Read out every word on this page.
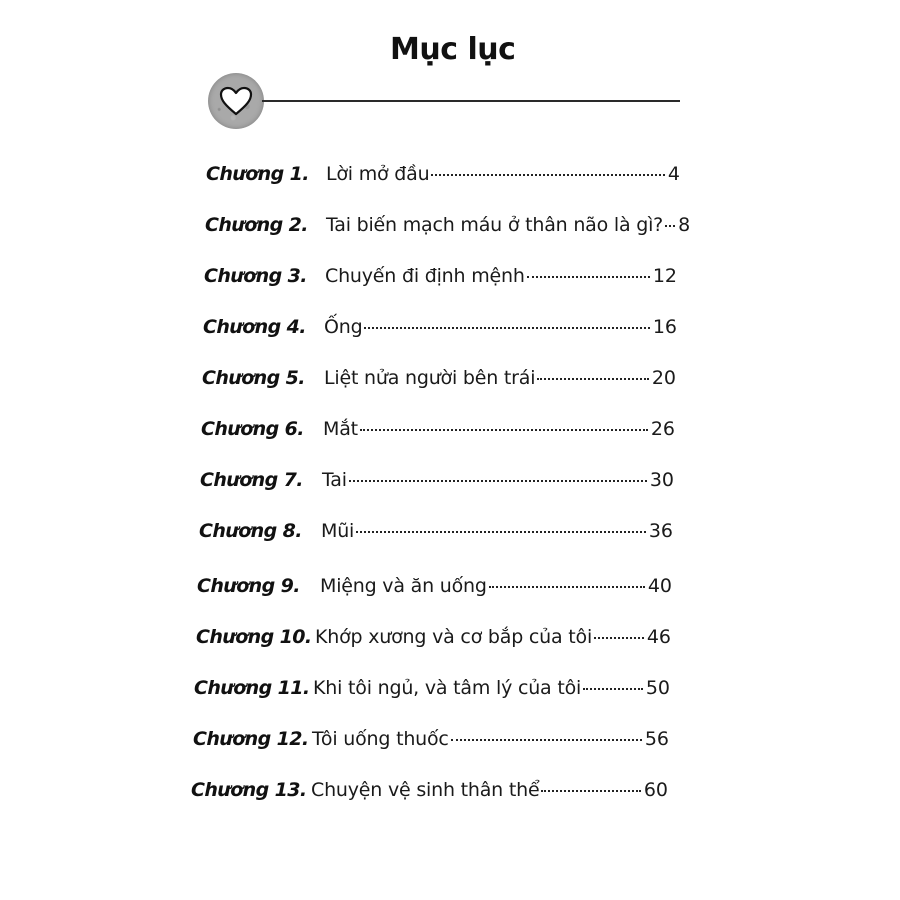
Mục lục
Chương 1. Lời mở đầu	4
Chương 2. Tai biến mạch máu ở thân não là gì? 8
Chương 3. Chuyến đi định mệnh	12
Chương 4. Ống	16
Chương 5.	Liệt nửa người bên trái	20
Chương 6.	Mắt	26
Chương 7.	Tai	30
Chương 8.	Mũi	36
Chương 9.	Miệng và ăn uống	40
Chương 10. Khớp xương và cơ bắp của tôi	46
Chương 11. Khi tôi ngủ, và tâm lý của tôi	50
Chương 12. Tôi uống thuốc	56
Chương 13. Chuyện vệ sinh thân thể	60
